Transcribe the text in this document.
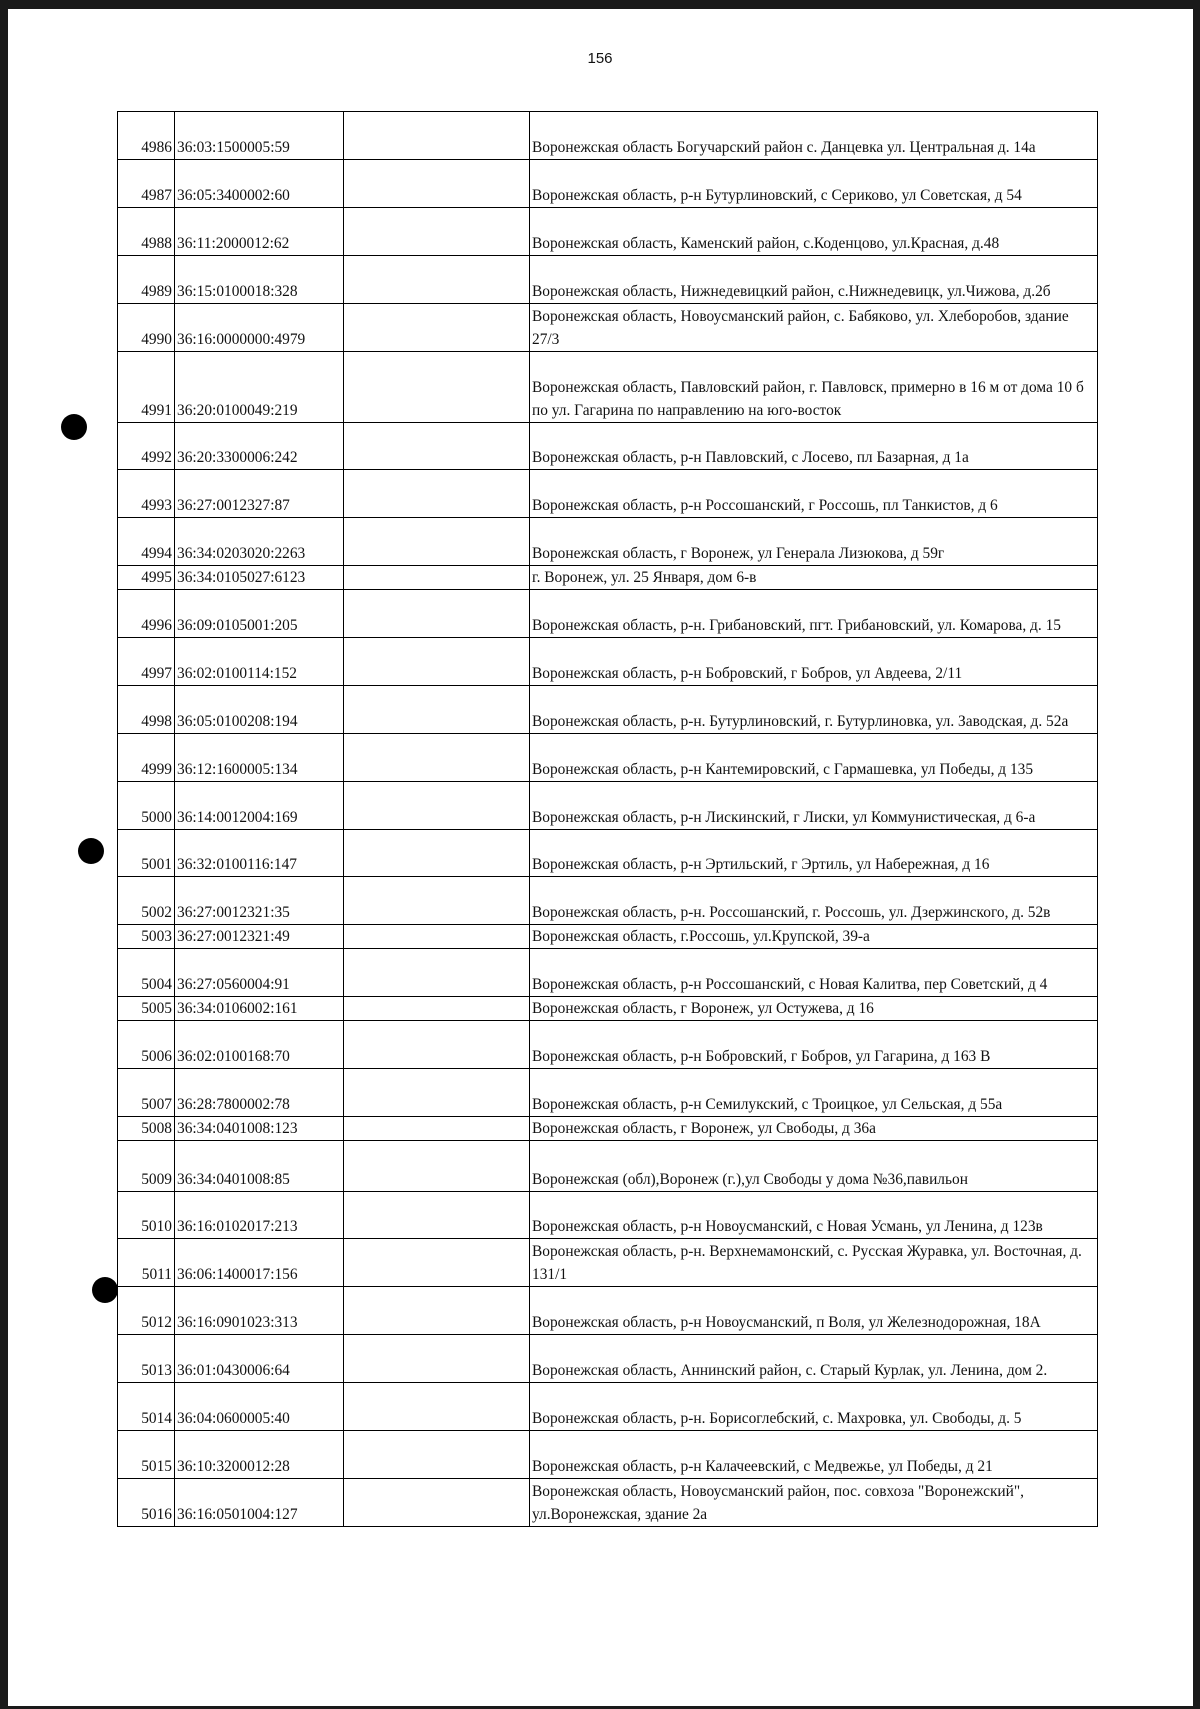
156
4986	36:03:1500005:59		Воронежская область Богучарский район с. Данцевка ул. Центральная д. 14а
4987	36:05:3400002:60		Воронежская область, р-н Бутурлиновский, с Сериково, ул Советская, д 54
4988	36:11:2000012:62		Воронежская область, Каменский район, с.Коденцово, ул.Красная, д.48
4989	36:15:0100018:328		Воронежская область, Нижнедевицкий район, с.Нижнедевицк, ул.Чижова, д.2б
4990	36:16:0000000:4979		Воронежская область, Новоусманский район, с. Бабяково, ул. Хлеборобов, здание 27/3
4991	36:20:0100049:219		Воронежская область, Павловский район, г. Павловск, примерно в 16 м от дома 10 б по ул. Гагарина по направлению на юго-восток
4992	36:20:3300006:242		Воронежская область, р-н Павловский, с Лосево, пл Базарная, д 1а
4993	36:27:0012327:87		Воронежская область, р-н Россошанский, г Россошь, пл Танкистов, д 6
4994	36:34:0203020:2263		Воронежская область, г Воронеж, ул Генерала Лизюкова, д 59г
4995	36:34:0105027:6123		г. Воронеж, ул. 25 Января, дом 6-в
4996	36:09:0105001:205		Воронежская область, р-н. Грибановский, пгт. Грибановский, ул. Комарова, д. 15
4997	36:02:0100114:152		Воронежская область, р-н Бобровский, г Бобров, ул Авдеева, 2/11
4998	36:05:0100208:194		Воронежская область, р-н. Бутурлиновский, г. Бутурлиновка, ул. Заводская, д. 52а
4999	36:12:1600005:134		Воронежская область, р-н Кантемировский, с Гармашевка, ул Победы, д 135
5000	36:14:0012004:169		Воронежская область, р-н Лискинский, г Лиски, ул Коммунистическая, д 6-а
5001	36:32:0100116:147		Воронежская область, р-н Эртильский, г Эртиль, ул Набережная, д 16
5002	36:27:0012321:35		Воронежская область, р-н. Россошанский, г. Россошь, ул. Дзержинского, д. 52в
5003	36:27:0012321:49		Воронежская область, г.Россошь, ул.Крупской, 39-а
5004	36:27:0560004:91		Воронежская область, р-н Россошанский, с Новая Калитва, пер Советский, д 4
5005	36:34:0106002:161		Воронежская область, г Воронеж, ул Остужева, д 16
5006	36:02:0100168:70		Воронежская область, р-н Бобровский, г Бобров, ул Гагарина, д 163 В
5007	36:28:7800002:78		Воронежская область, р-н Семилукский, с Троицкое, ул Сельская, д 55а
5008	36:34:0401008:123		Воронежская область, г Воронеж, ул Свободы, д 36а
5009	36:34:0401008:85		Воронежская (обл),Воронеж (г.),ул Свободы у дома №36,павильон
5010	36:16:0102017:213		Воронежская область, р-н Новоусманский, с Новая Усмань, ул Ленина, д 123в
5011	36:06:1400017:156		Воронежская область, р-н. Верхнемамонский, с. Русская Журавка, ул. Восточная, д. 131/1
5012	36:16:0901023:313		Воронежская область, р-н Новоусманский, п Воля, ул Железнодорожная, 18А
5013	36:01:0430006:64		Воронежская область, Аннинский район, с. Старый Курлак, ул. Ленина, дом 2.
5014	36:04:0600005:40		Воронежская область, р-н. Борисоглебский, с. Махровка, ул. Свободы, д. 5
5015	36:10:3200012:28		Воронежская область, р-н Калачеевский, с Медвежье, ул Победы, д 21
5016	36:16:0501004:127		Воронежская область, Новоусманский район, пос. совхоза "Воронежский", ул.Воронежская, здание 2а
